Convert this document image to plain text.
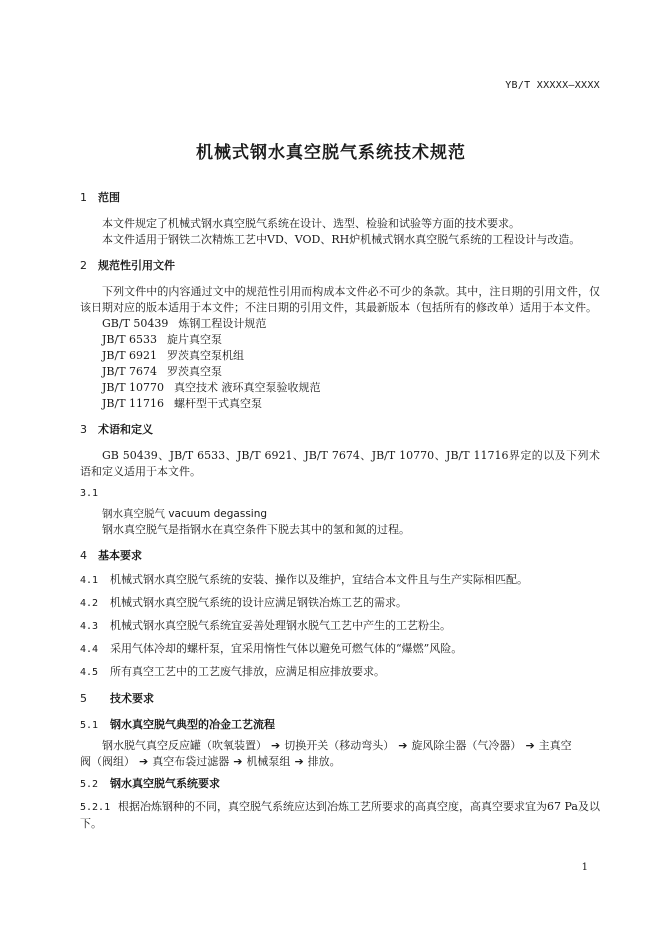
YB/T XXXXX—XXXX
机械式钢水真空脱气系统技术规范

1 范围

本文件规定了机械式钢水真空脱气系统在设计、选型、检验和试验等方面的技术要求。

本文件适用于钢铁二次精炼工艺中VD、VOD、RH炉机械式钢水真空脱气系统的工程设计与改造。

2 规范性引用文件

下列文件中的内容通过文中的规范性引用而构成本文件必不可少的条款。其中，注日期的引用文件，仅该日期对应的版本适用于本文件；不注日期的引用文件，其最新版本（包括所有的修改单）适用于本文件。

GB/T 50439 炼钢工程设计规范

JB/T 6533 旋片真空泵

JB/T 6921 罗茨真空泵机组

JB/T 7674 罗茨真空泵

JB/T 10770 真空技术 液环真空泵验收规范

JB/T 11716 螺杆型干式真空泵

3 术语和定义

GB 50439、JB/T 6533、JB/T 6921、JB/T 7674、JB/T 10770、JB/T 11716界定的以及下列术语和定义适用于本文件。

3.1

钢水真空脱气 vacuum degassing

钢水真空脱气是指钢水在真空条件下脱去其中的氢和氮的过程。

4 基本要求

4.1 机械式钢水真空脱气系统的安装、操作以及维护，宜结合本文件且与生产实际相匹配。

4.2 机械式钢水真空脱气系统的设计应满足钢铁冶炼工艺的需求。

4.3 机械式钢水真空脱气系统宜妥善处理钢水脱气工艺中产生的工艺粉尘。

4.4 采用气体冷却的螺杆泵，宜采用惰性气体以避免可燃气体的“爆燃”风险。

4.5 所有真空工艺中的工艺废气排放，应满足相应排放要求。

5 技术要求

5.1 钢水真空脱气典型的冶金工艺流程

钢水脱气真空反应罐（吹氧装置） ➔ 切换开关（移动弯头） ➔ 旋风除尘器（气冷器） ➔ 主真空

阀（阀组） ➔ 真空布袋过滤器 ➔ 机械泵组 ➔ 排放。

5.2 钢水真空脱气系统要求

5.2.1 根据冶炼钢种的不同，真空脱气系统应达到冶炼工艺所要求的高真空度，高真空要求宜为67 Pa及以下。

1
